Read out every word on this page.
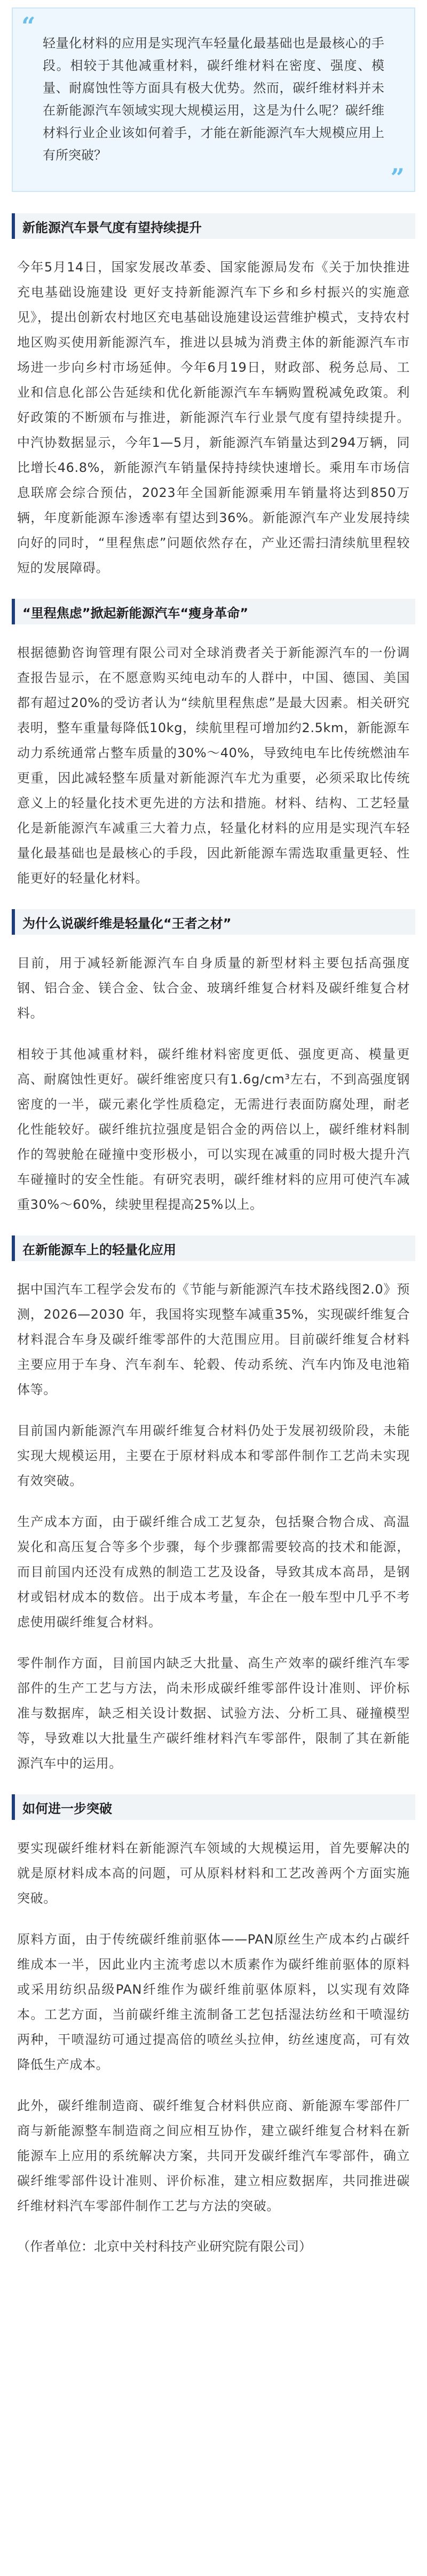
“

轻量化材料的应用是实现汽车轻量化最基础也是最核心的手段。相较于其他减重材料，碳纤维材料在密度、强度、模量、耐腐蚀性等方面具有极大优势。然而，碳纤维材料并未在新能源汽车领域实现大规模运用，这是为什么呢？碳纤维材料行业企业该如何着手，才能在新能源汽车大规模应用上有所突破？

”
新能源汽车景气度有望持续提升

今年5月14日，国家发展改革委、国家能源局发布《关于加快推进充电基础设施建设 更好支持新能源汽车下乡和乡村振兴的实施意见》，提出创新农村地区充电基础设施建设运营维护模式，支持农村地区购买使用新能源汽车，推进以县城为消费主体的新能源汽车市场进一步向乡村市场延伸。今年6月19日，财政部、税务总局、工业和信息化部公告延续和优化新能源汽车车辆购置税减免政策。利好政策的不断颁布与推进，新能源汽车行业景气度有望持续提升。中汽协数据显示，今年1—5月，新能源汽车销量达到294万辆，同比增长46.8%，新能源汽车销量保持持续快速增长。乘用车市场信息联席会综合预估，2023年全国新能源乘用车销量将达到850万辆，年度新能源车渗透率有望达到36%。新能源汽车产业发展持续向好的同时，“里程焦虑”问题依然存在，产业还需扫清续航里程较短的发展障碍。

“里程焦虑”掀起新能源汽车“瘦身革命”

根据德勤咨询管理有限公司对全球消费者关于新能源汽车的一份调查报告显示，在不愿意购买纯电动车的人群中，中国、德国、美国都有超过20%的受访者认为“续航里程焦虑”是最大因素。相关研究表明，整车重量每降低10kg，续航里程可增加约2.5km，新能源车动力系统通常占整车质量的30%～40%，导致纯电车比传统燃油车更重，因此减轻整车质量对新能源汽车尤为重要，必须采取比传统意义上的轻量化技术更先进的方法和措施。材料、结构、工艺轻量化是新能源汽车减重三大着力点，轻量化材料的应用是实现汽车轻量化最基础也是最核心的手段，因此新能源车需选取重量更轻、性能更好的轻量化材料。

为什么说碳纤维是轻量化“王者之材”

目前，用于减轻新能源汽车自身质量的新型材料主要包括高强度钢、铝合金、镁合金、钛合金、玻璃纤维复合材料及碳纤维复合材料。

相较于其他减重材料，碳纤维材料密度更低、强度更高、模量更高、耐腐蚀性更好。碳纤维密度只有1.6g/cm³左右，不到高强度钢密度的一半，碳元素化学性质稳定，无需进行表面防腐处理，耐老化性能较好。碳纤维抗拉强度是铝合金的两倍以上，碳纤维材料制作的驾驶舱在碰撞中变形极小，可以实现在减重的同时极大提升汽车碰撞时的安全性能。有研究表明，碳纤维材料的应用可使汽车减重30%～60%，续驶里程提高25%以上。

在新能源车上的轻量化应用

据中国汽车工程学会发布的《节能与新能源汽车技术路线图2.0》预测，2026—2030 年，我国将实现整车减重35%，实现碳纤维复合材料混合车身及碳纤维零部件的大范围应用。目前碳纤维复合材料主要应用于车身、汽车刹车、轮毂、传动系统、汽车内饰及电池箱体等。

目前国内新能源汽车用碳纤维复合材料仍处于发展初级阶段，未能实现大规模运用，主要在于原材料成本和零部件制作工艺尚未实现有效突破。

生产成本方面，由于碳纤维合成工艺复杂，包括聚合物合成、高温炭化和高压复合等多个步骤，每个步骤都需要较高的技术和能源，而目前国内还没有成熟的制造工艺及设备，导致其成本高昂，是钢材或铝材成本的数倍。出于成本考量，车企在一般车型中几乎不考虑使用碳纤维复合材料。

零件制作方面，目前国内缺乏大批量、高生产效率的碳纤维汽车零部件的生产工艺与方法，尚未形成碳纤维零部件设计准则、评价标准与数据库，缺乏相关设计数据、试验方法、分析工具、碰撞模型等，导致难以大批量生产碳纤维材料汽车零部件，限制了其在新能源汽车中的运用。

如何进一步突破

要实现碳纤维材料在新能源汽车领域的大规模运用，首先要解决的就是原材料成本高的问题，可从原料材料和工艺改善两个方面实施突破。

原料方面，由于传统碳纤维前驱体——PAN原丝生产成本约占碳纤维成本一半，因此业内主流考虑以木质素作为碳纤维前驱体的原料或采用纺织品级PAN纤维作为碳纤维前驱体原料，以实现有效降本。工艺方面，当前碳纤维主流制备工艺包括湿法纺丝和干喷湿纺两种，干喷湿纺可通过提高倍的喷丝头拉伸，纺丝速度高，可有效降低生产成本。

此外，碳纤维制造商、碳纤维复合材料供应商、新能源车零部件厂商与新能源整车制造商之间应相互协作，建立碳纤维复合材料在新能源车上应用的系统解决方案，共同开发碳纤维汽车零部件，确立碳纤维零部件设计准则、评价标准，建立相应数据库，共同推进碳纤维材料汽车零部件制作工艺与方法的突破。

（作者单位：北京中关村科技产业研究院有限公司）
